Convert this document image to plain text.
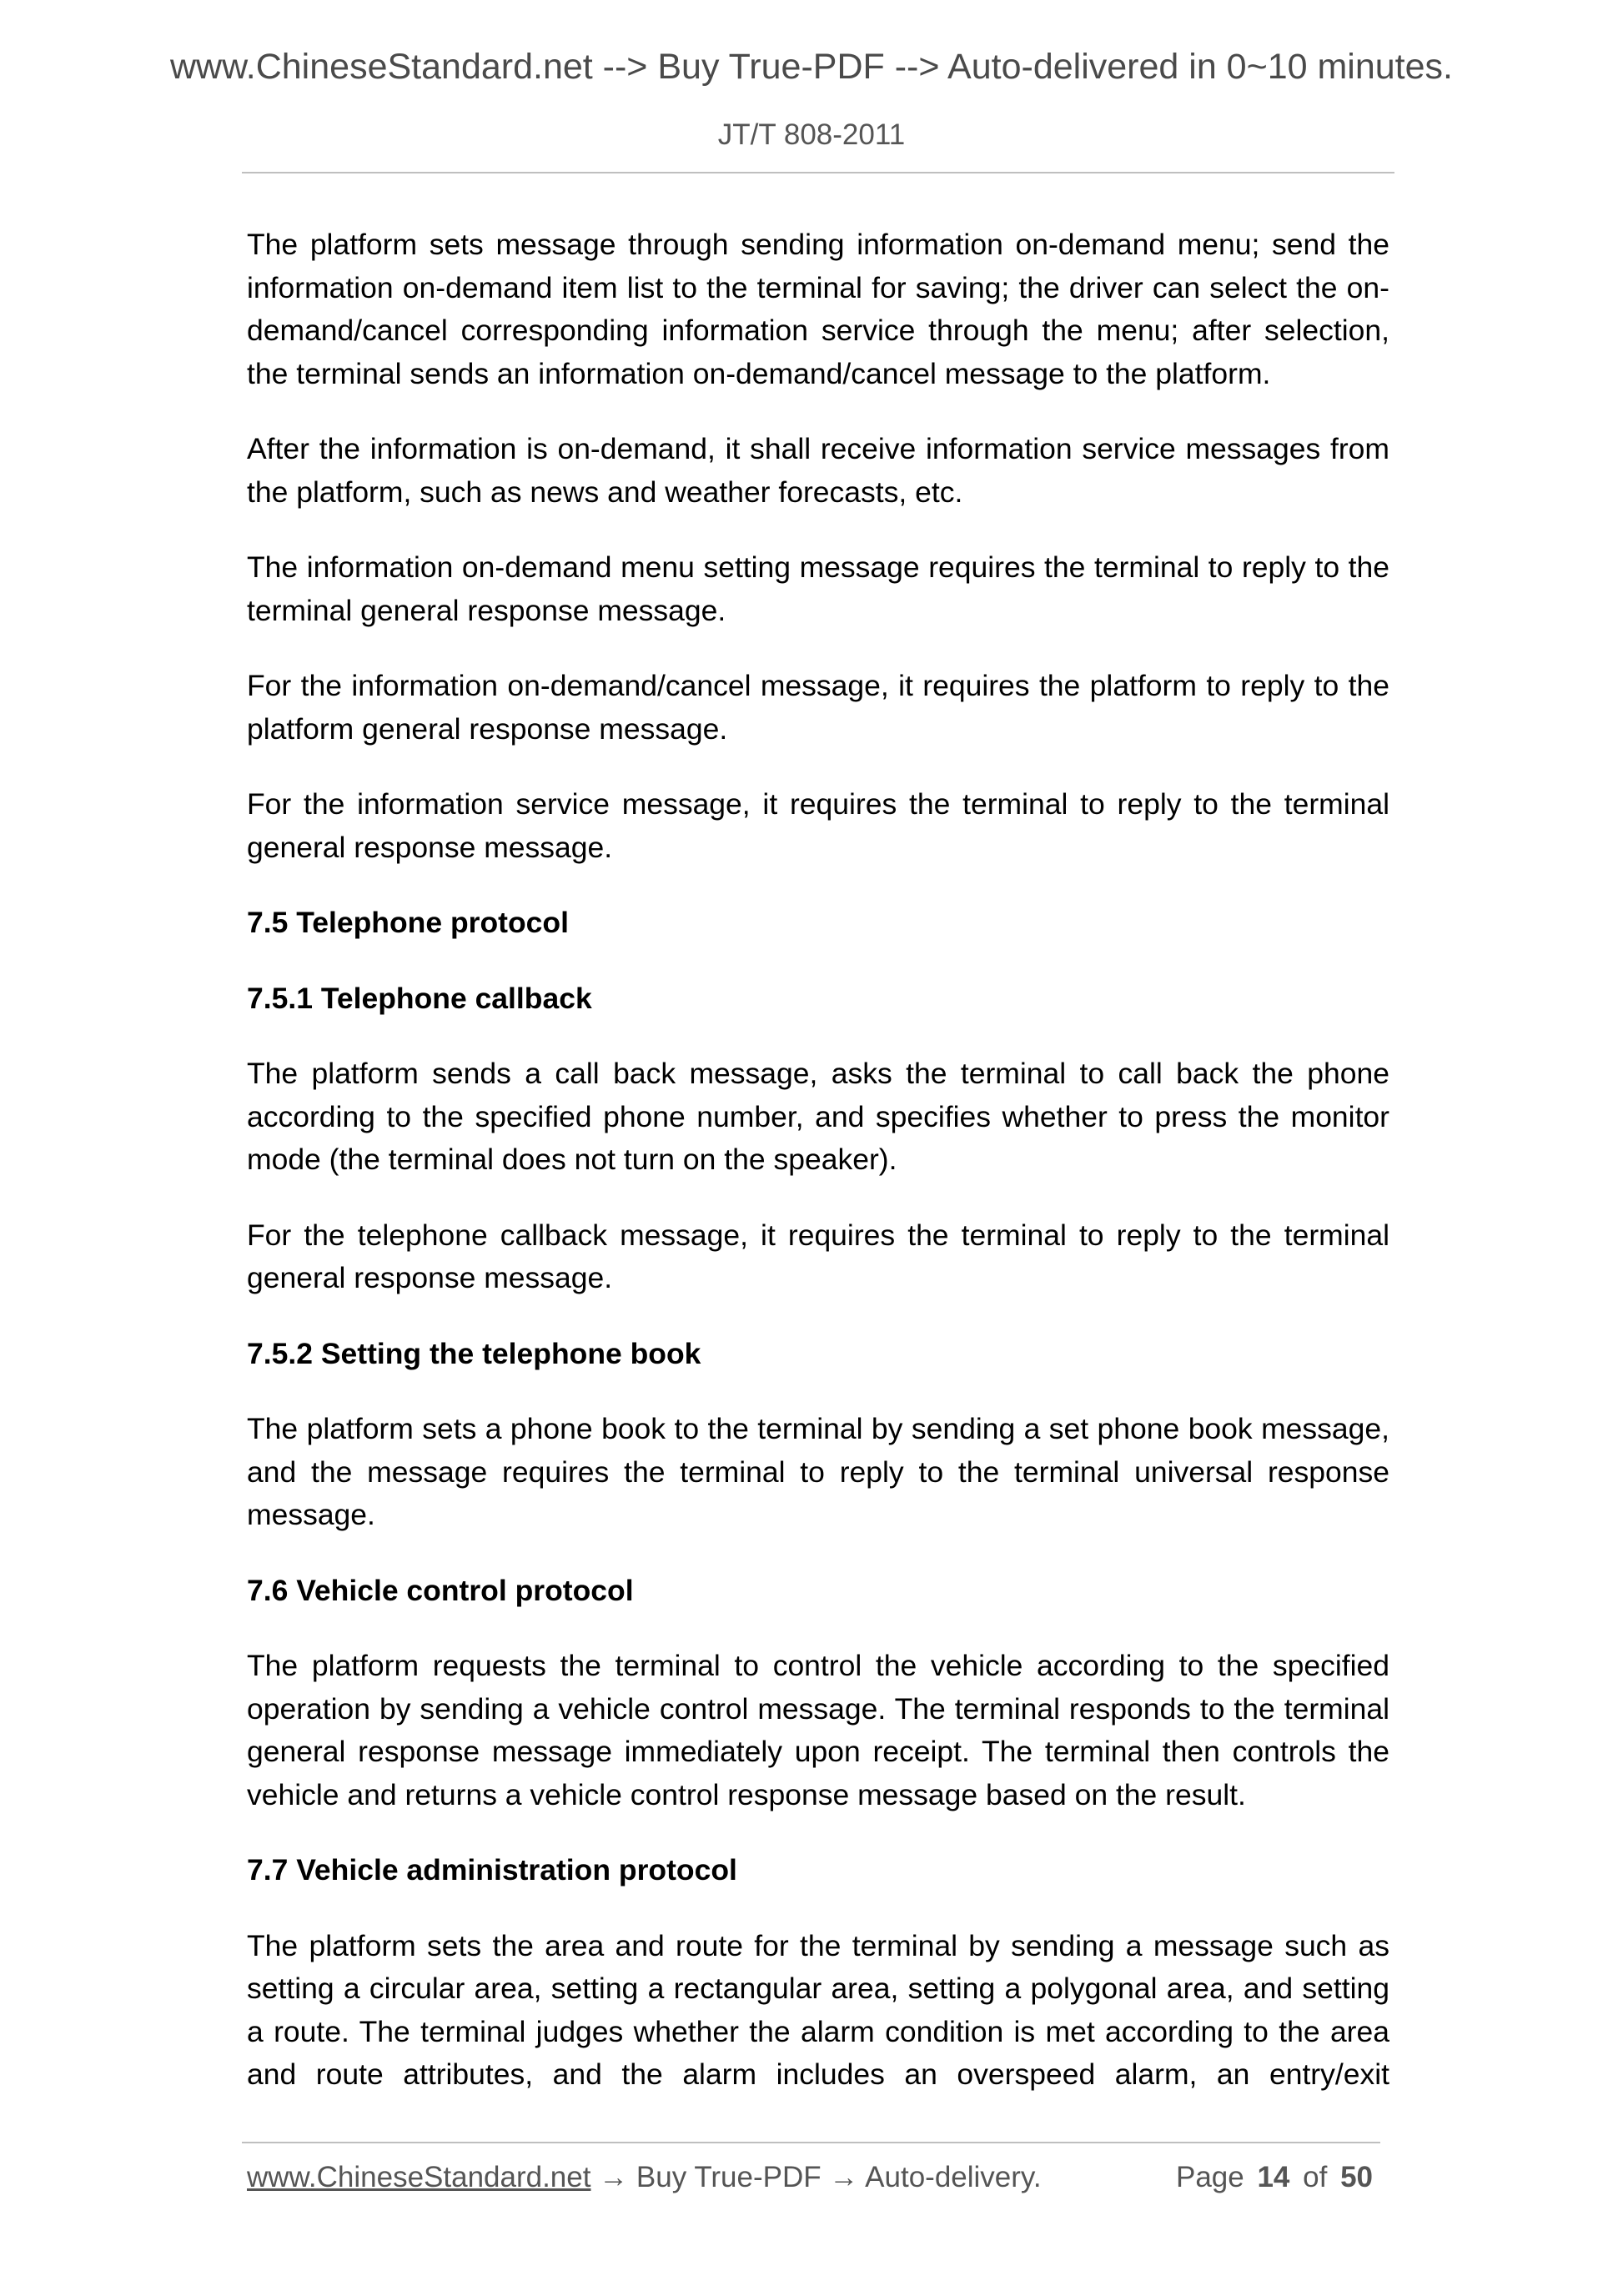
www.ChineseStandard.net --> Buy True-PDF --> Auto-delivered in 0~10 minutes.
JT/T 808-2011

The platform sets message through sending information on-demand menu; send the information on-demand item list to the terminal for saving; the driver can select the on-demand/cancel corresponding information service through the menu; after selection, the terminal sends an information on-demand/cancel message to the platform.

After the information is on-demand, it shall receive information service messages from the platform, such as news and weather forecasts, etc.

The information on-demand menu setting message requires the terminal to reply to the terminal general response message.

For the information on-demand/cancel message, it requires the platform to reply to the platform general response message.

For the information service message, it requires the terminal to reply to the terminal general response message.

7.5 Telephone protocol
7.5.1 Telephone callback

The platform sends a call back message, asks the terminal to call back the phone according to the specified phone number, and specifies whether to press the monitor mode (the terminal does not turn on the speaker).

For the telephone callback message, it requires the terminal to reply to the terminal general response message.

7.5.2 Setting the telephone book

The platform sets a phone book to the terminal by sending a set phone book message, and the message requires the terminal to reply to the terminal universal response message.

7.6 Vehicle control protocol

The platform requests the terminal to control the vehicle according to the specified operation by sending a vehicle control message. The terminal responds to the terminal general response message immediately upon receipt. The terminal then controls the vehicle and returns a vehicle control response message based on the result.

7.7 Vehicle administration protocol

The platform sets the area and route for the terminal by sending a message such as setting a circular area, setting a rectangular area, setting a polygonal area, and setting a route. The terminal judges whether the alarm condition is met according to the area and route attributes, and the alarm includes an overspeed alarm, an entry/exit

www.ChineseStandard.net → Buy True-PDF → Auto-delivery.	Page 14 of 50
